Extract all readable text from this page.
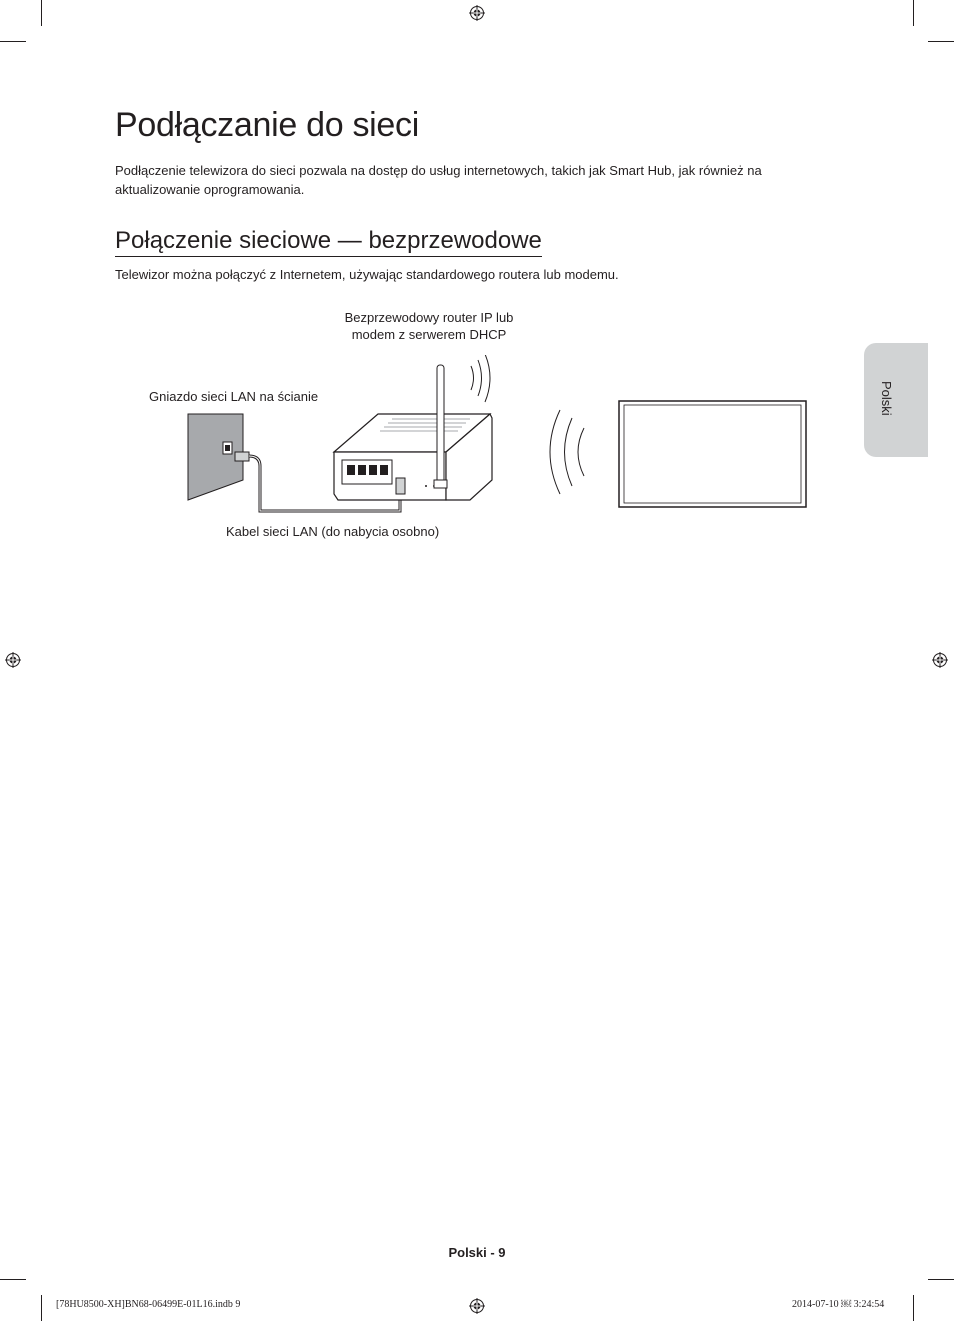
Podłączanie do sieci

Podłączenie telewizora do sieci pozwala na dostęp do usług internetowych, takich jak Smart Hub, jak również na aktualizowanie oprogramowania.

Połączenie sieciowe — bezprzewodowe

Telewizor można połączyć z Internetem, używając standardowego routera lub modemu.

Bezprzewodowy router IP lub modem z serwerem DHCP
Gniazdo sieci LAN na ścianie
Kabel sieci LAN (do nabycia osobno)
Polski
Polski - 9
[78HU8500-XH]BN68-06499E-01L16.indb 9	2014-07-10 ￼ 3:24:54
